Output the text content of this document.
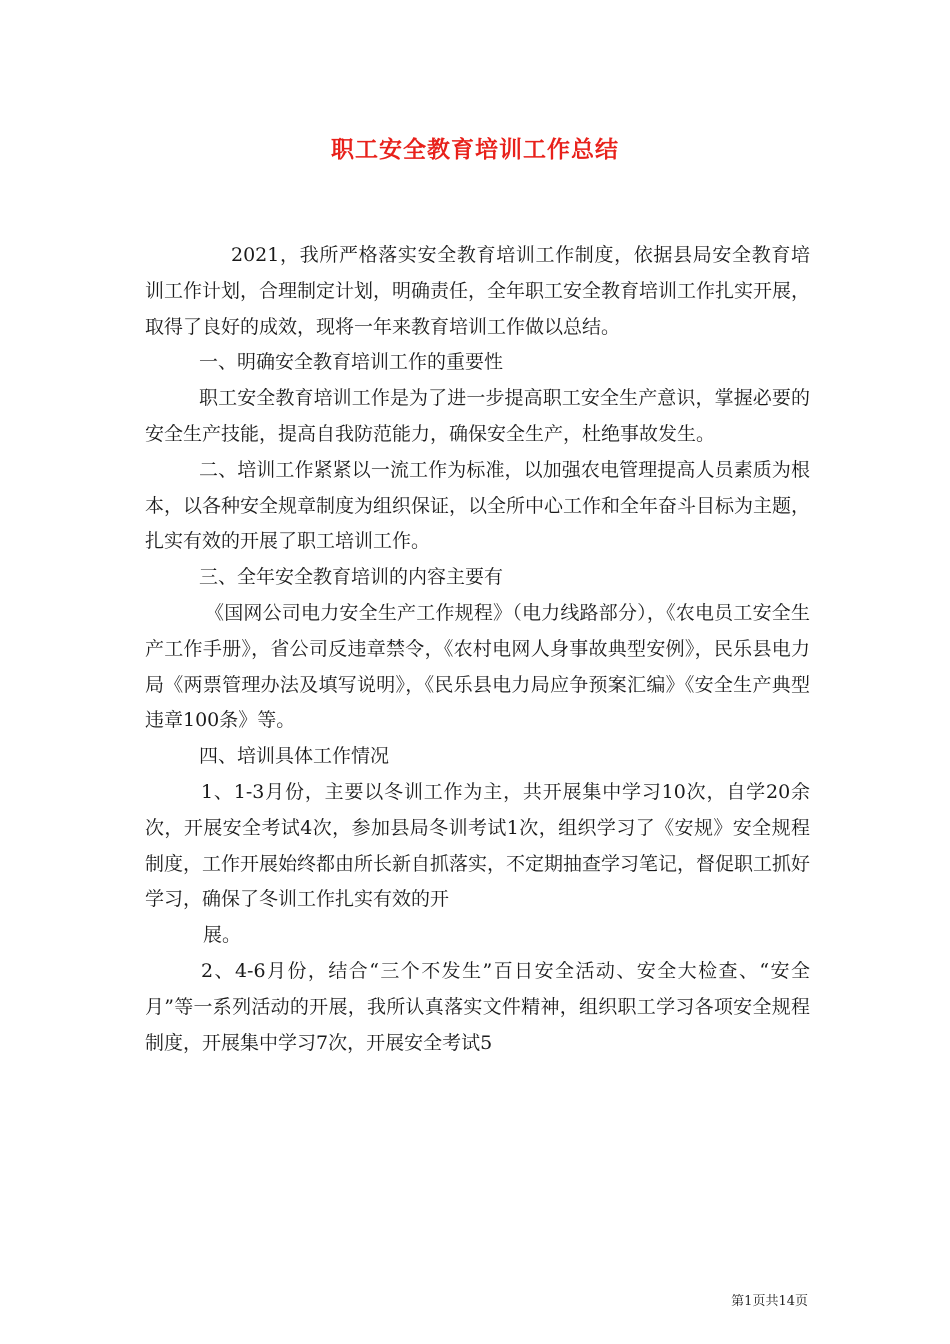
职工安全教育培训工作总结

2021，我所严格落实安全教育培训工作制度，依据县局安全教育培训工作计划，合理制定计划，明确责任，全年职工安全教育培训工作扎实开展，取得了良好的成效，现将一年来教育培训工作做以总结。

一、明确安全教育培训工作的重要性

职工安全教育培训工作是为了进一步提高职工安全生产意识，掌握必要的安全生产技能，提高自我防范能力，确保安全生产，杜绝事故发生。

二、培训工作紧紧以一流工作为标准，以加强农电管理提高人员素质为根本，以各种安全规章制度为组织保证，以全所中心工作和全年奋斗目标为主题，扎实有效的开展了职工培训工作。

三、全年安全教育培训的内容主要有

《国网公司电力安全生产工作规程》（电力线路部分），《农电员工安全生产工作手册》，省公司反违章禁令，《农村电网人身事故典型安例》，民乐县电力局《两票管理办法及填写说明》，《民乐县电力局应争预案汇编》《安全生产典型违章100条》等。

四、培训具体工作情况

1、1-3月份，主要以冬训工作为主，共开展集中学习10次，自学20余次，开展安全考试4次，参加县局冬训考试1次，组织学习了《安规》安全规程制度，工作开展始终都由所长新自抓落实，不定期抽查学习笔记，督促职工抓好学习，确保了冬训工作扎实有效的开

展。

2、4-6月份，结合“三个不发生”百日安全活动、安全大检查、“安全月”等一系列活动的开展，我所认真落实文件精神，组织职工学习各项安全规程制度，开展集中学习7次，开展安全考试5

第1页共14页
